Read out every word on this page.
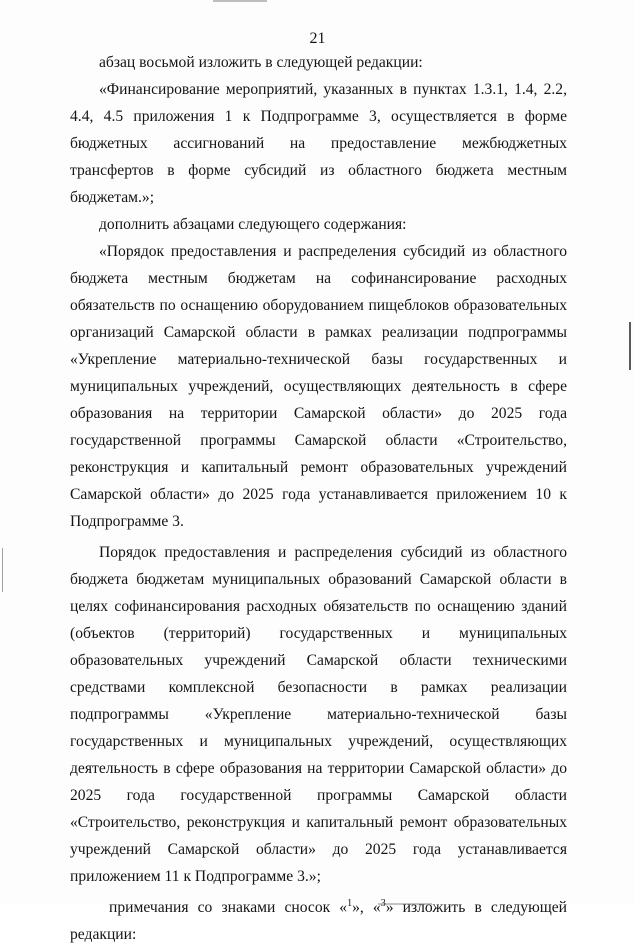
21

абзац восьмой изложить в следующей редакции:

«Финансирование мероприятий, указанных в пунктах 1.3.1, 1.4, 2.2, 4.4, 4.5 приложения 1 к Подпрограмме 3, осуществляется в форме бюджетных ассигнований на предоставление межбюджетных трансфертов в форме субсидий из областного бюджета местным бюджетам.»;

дополнить абзацами следующего содержания:

«Порядок предоставления и распределения субсидий из областного бюджета местным бюджетам на софинансирование расходных обязательств по оснащению оборудованием пищеблоков образовательных организаций Самарской области в рамках реализации подпрограммы «Укрепление материально-технической базы государственных и муниципальных учреждений, осуществляющих деятельность в сфере образования на территории Самарской области» до 2025 года государственной программы Самарской области «Строительство, реконструкция и капитальный ремонт образовательных учреждений Самарской области» до 2025 года устанавливается приложением 10 к Подпрограмме 3.

Порядок предоставления и распределения субсидий из областного бюджета бюджетам муниципальных образований Самарской области в целях софинансирования расходных обязательств по оснащению зданий (объектов (территорий) государственных и муниципальных образовательных учреждений Самарской области техническими средствами комплексной безопасности в рамках реализации подпрограммы «Укрепление материально-технической базы государственных и муниципальных учреждений, осуществляющих деятельность в сфере образования на территории Самарской области» до 2025 года государственной программы Самарской области «Строительство, реконструкция и капитальный ремонт образовательных учреждений Самарской области» до 2025 года устанавливается приложением 11 к Подпрограмме 3.»;

примечания со знаками сносок «$^1$», «$^3$» изложить в следующей редакции:
